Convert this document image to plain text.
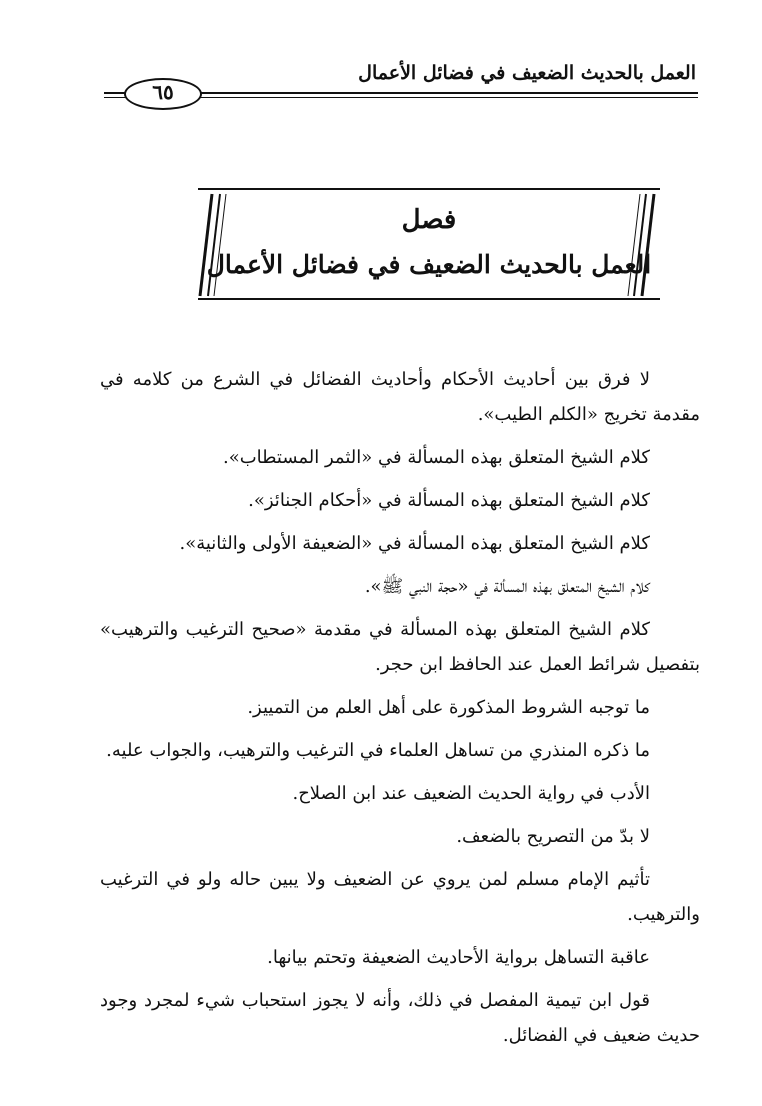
العمل بالحديث الضعيف في فضائل الأعمال
٦٥
فصل
العمل بالحديث الضعيف في فضائل الأعمال

لا فرق بين أحاديث الأحكام وأحاديث الفضائل في الشرع من كلامه في مقدمة تخريج «الكلم الطيب».

كلام الشيخ المتعلق بهذه المسألة في «الثمر المستطاب».

كلام الشيخ المتعلق بهذه المسألة في «أحكام الجنائز».

كلام الشيخ المتعلق بهذه المسألة في «الضعيفة الأولى والثانية».

كلام الشيخ المتعلق بهذه المسألة في «حجة النبي ﷺ».

كلام الشيخ المتعلق بهذه المسألة في مقدمة «صحيح الترغيب والترهيب» بتفصيل شرائط العمل عند الحافظ ابن حجر.

ما توجبه الشروط المذكورة على أهل العلم من التمييز.

ما ذكره المنذري من تساهل العلماء في الترغيب والترهيب، والجواب عليه.

الأدب في رواية الحديث الضعيف عند ابن الصلاح.

لا بدّ من التصريح بالضعف.

تأثيم الإمام مسلم لمن يروي عن الضعيف ولا يبين حاله ولو في الترغيب والترهيب.

عاقبة التساهل برواية الأحاديث الضعيفة وتحتم بيانها.

قول ابن تيمية المفصل في ذلك، وأنه لا يجوز استحباب شيء لمجرد وجود حديث ضعيف في الفضائل.
